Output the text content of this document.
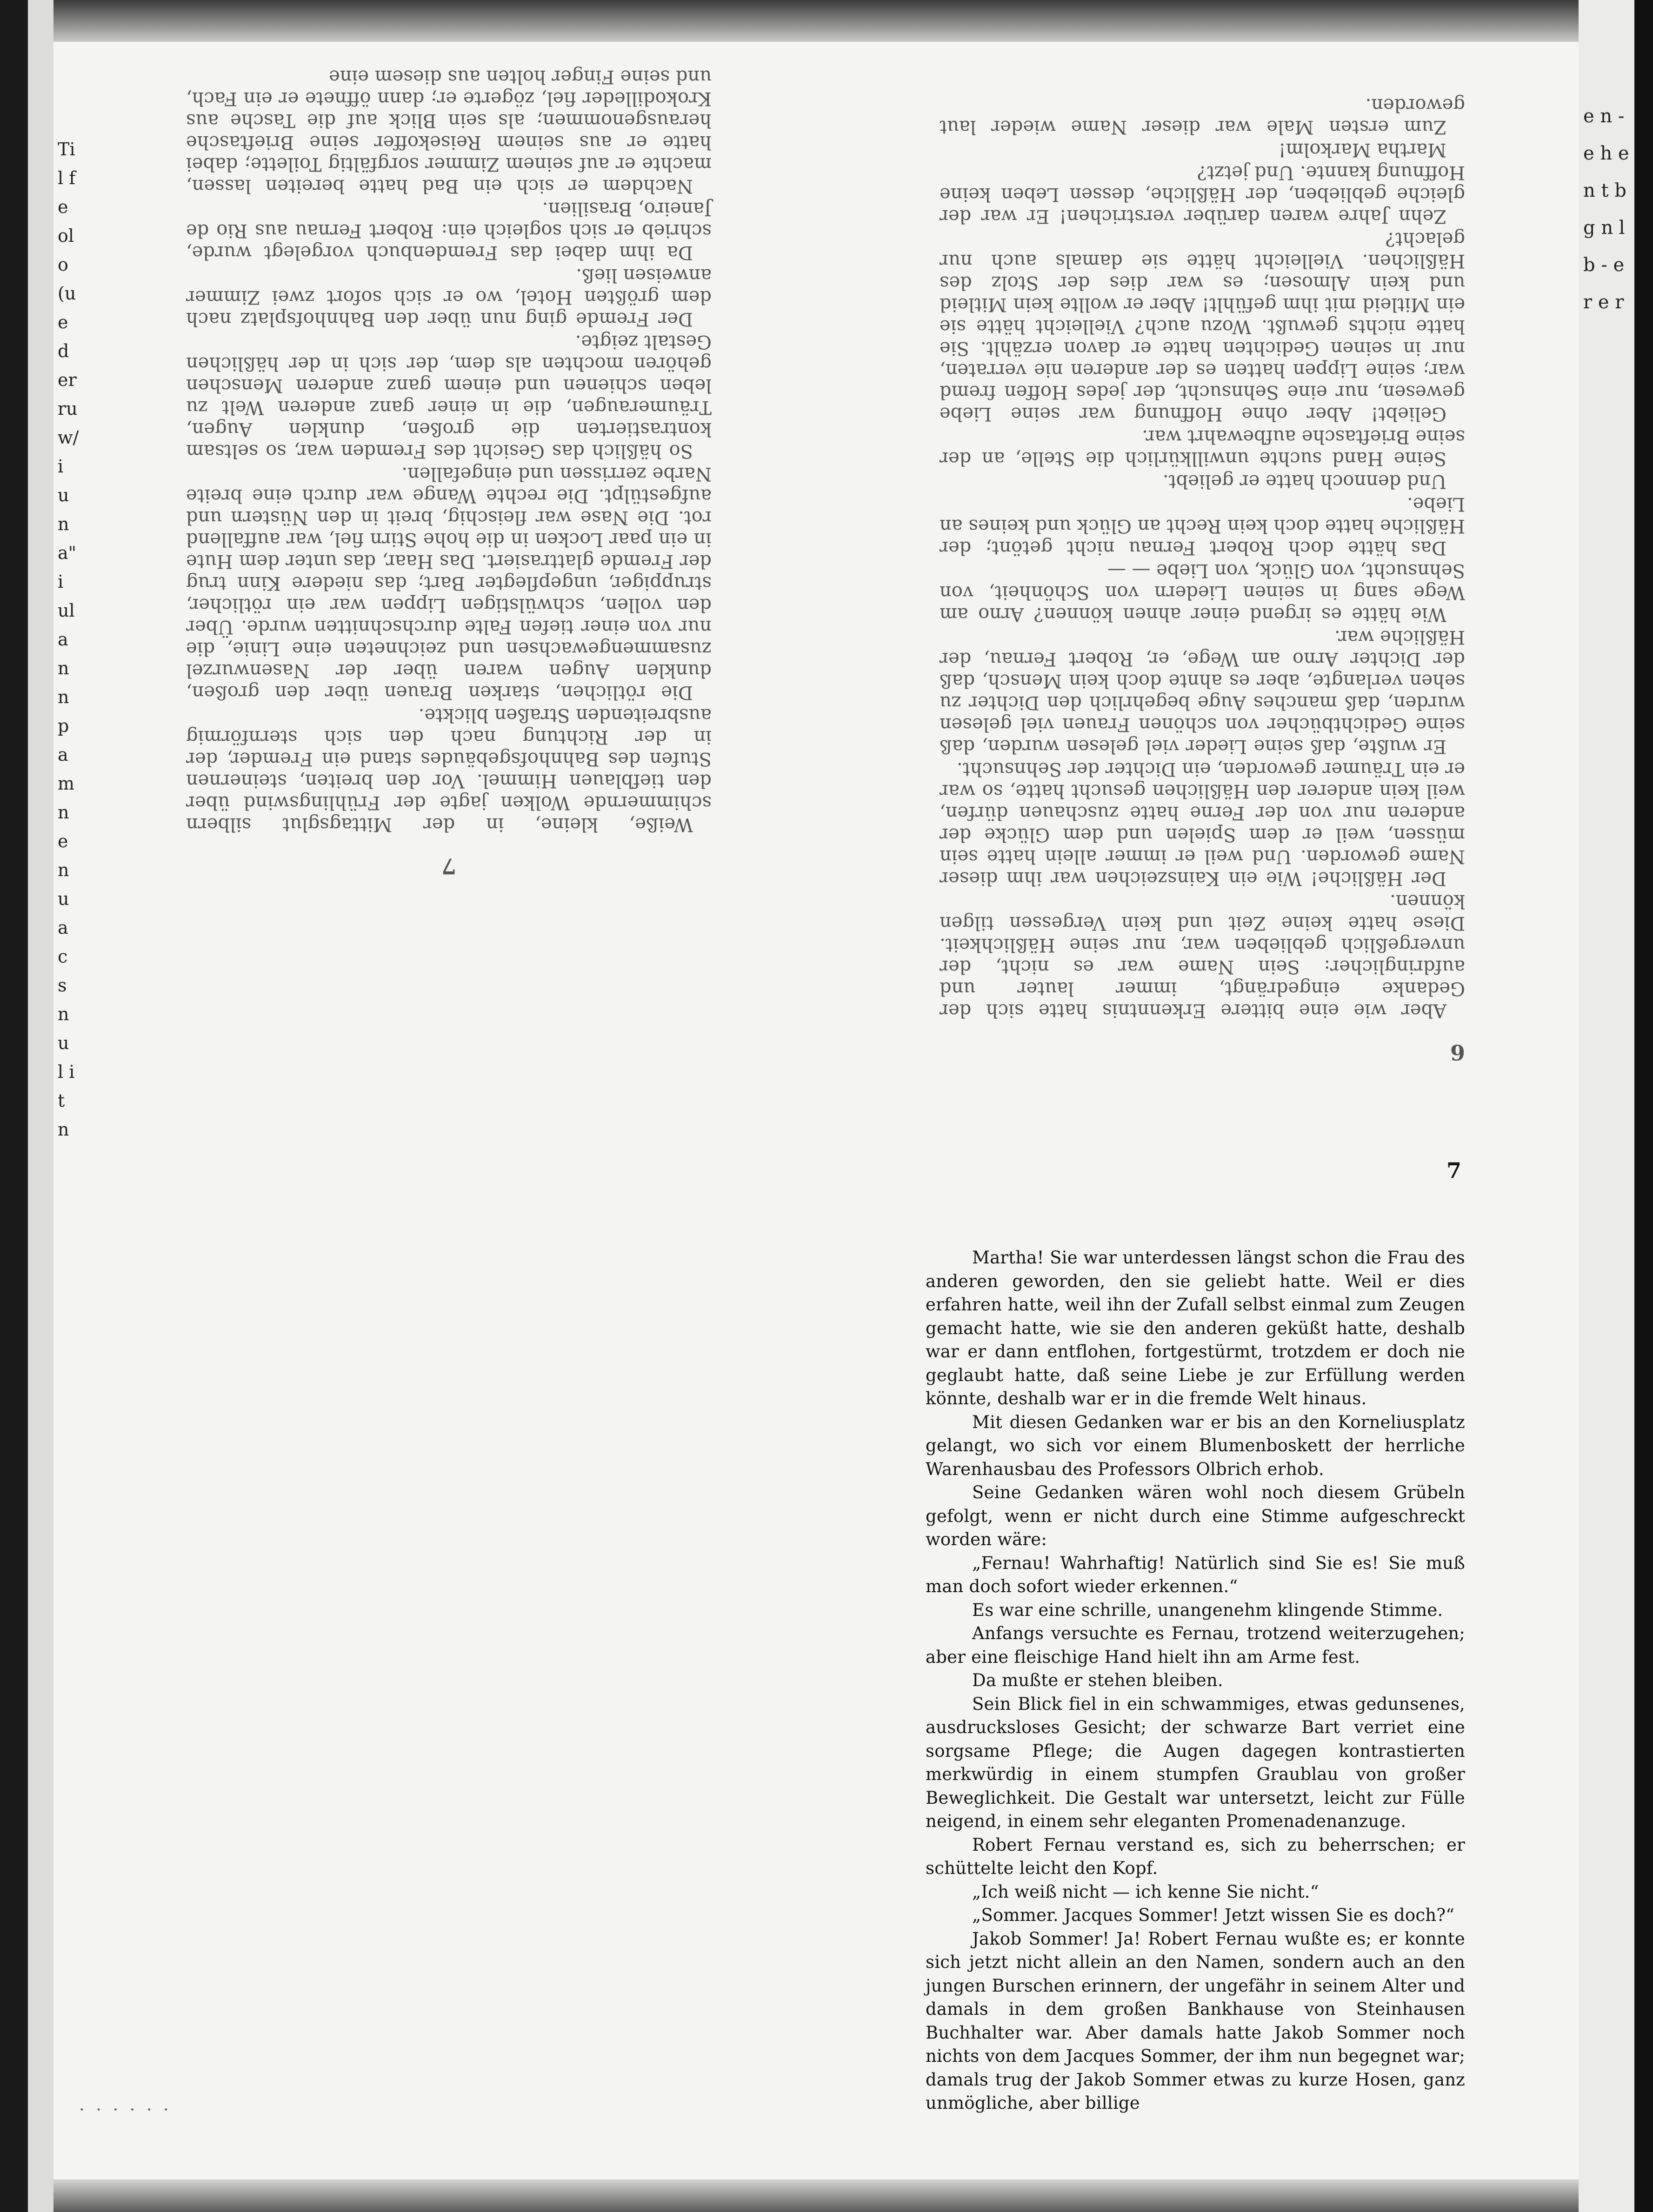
Til f e olo (ue der ru w/i un a" i ul an n p a m n e n u a c s n u l i t n
e n - e h e n t b g n l b - e r e r
6

Aber wie eine bittere Erkenntnis hatte sich der Gedanke eingedrängt, immer lauter und aufdringlicher: Sein Name war es nicht, der unvergeßlich geblieben war, nur seine Häßlichkeit. Diese hatte keine Zeit und kein Vergessen tilgen können.

Der Häßliche! Wie ein Kainszeichen war ihm dieser Name geworden. Und weil er immer allein hatte sein müssen, weil er dem Spielen und dem Glücke der anderen nur von der Ferne hatte zuschauen dürfen, weil kein anderer den Häßlichen gesucht hatte, so war er ein Träumer geworden, ein Dichter der Sehnsucht.

Er wußte, daß seine Lieder viel gelesen wurden, daß seine Gedichtbücher von schönen Frauen viel gelesen wurden, daß manches Auge begehrlich den Dichter zu sehen verlangte, aber es ahnte doch kein Mensch, daß der Dichter Arno am Wege, er, Robert Fernau, der Häßliche war.

Wie hätte es irgend einer ahnen können? Arno am Wege sang in seinen Liedern von Schönheit, von Sehnsucht, von Glück, von Liebe — —

Das hätte doch Robert Fernau nicht getönt; der Häßliche hatte doch kein Recht an Glück und keines an Liebe.

Und dennoch hatte er geliebt.

Seine Hand suchte unwillkürlich die Stelle, an der seine Brieftasche aufbewahrt war.

Geliebt! Aber ohne Hoffnung war seine Liebe gewesen, nur eine Sehnsucht, der jedes Hoffen fremd war; seine Lippen hatten es der anderen nie verraten, nur in seinen Gedichten hatte er davon erzählt. Sie hatte nichts gewußt. Wozu auch? Vielleicht hätte sie ein Mitleid mit ihm gefühlt! Aber er wollte kein Mitleid und kein Almosen; es war dies der Stolz des Häßlichen. Vielleicht hätte sie damals auch nur gelacht?

Zehn Jahre waren darüber verstrichen! Er war der gleiche geblieben, der Häßliche, dessen Leben keine Hoffnung kannte. Und jetzt?

Martha Markolm!

Zum ersten Male war dieser Name wieder laut geworden.

7

Weiße, kleine, in der Mittagsglut silbern schimmernde Wolken jagte der Frühlingswind über den tiefblauen Himmel. Vor den breiten, steinernen Stufen des Bahnhofsgebäudes stand ein Fremder, der in der Richtung nach den sich sternförmig ausbreitenden Straßen blickte.

Die rötlichen, starken Brauen über den großen, dunklen Augen waren über der Nasenwurzel zusammengewachsen und zeichneten eine Linie, die nur von einer tiefen Falte durchschnitten wurde. Über den vollen, schwülstigen Lippen war ein rötlicher, struppiger, ungepflegter Bart; das niedere Kinn trug der Fremde glattrasiert. Das Haar, das unter dem Hute in ein paar Locken in die hohe Stirn fiel, war auffallend rot. Die Nase war fleischig, breit in den Nüstern und aufgestülpt. Die rechte Wange war durch eine breite Narbe zerrissen und eingefallen.

So häßlich das Gesicht des Fremden war, so seltsam kontrastierten die großen, dunklen Augen, Träumeraugen, die in einer ganz anderen Welt zu leben schienen und einem ganz anderen Menschen gehören mochten als dem, der sich in der häßlichen Gestalt zeigte.

Der Fremde ging nun über den Bahnhofsplatz nach dem größten Hotel, wo er sich sofort zwei Zimmer anweisen ließ.

Da ihm dabei das Fremdenbuch vorgelegt wurde, schrieb er sich sogleich ein: Robert Fernau aus Rio de Janeiro, Brasilien.

Nachdem er sich ein Bad hatte bereiten lassen, machte er auf seinem Zimmer sorgfältig Toilette; dabei hatte er aus seinem Reisekoffer seine Brieftasche herausgenommen; als sein Blick auf die Tasche aus Krokodilleder fiel, zögerte er; dann öffnete er ein Fach, und seine Finger holten aus diesem eine

7

Martha! Sie war unterdessen längst schon die Frau des anderen geworden, den sie geliebt hatte. Weil er dies erfahren hatte, weil ihn der Zufall selbst einmal zum Zeugen gemacht hatte, wie sie den anderen geküßt hatte, deshalb war er dann entflohen, fortgestürmt, trotzdem er doch nie geglaubt hatte, daß seine Liebe je zur Erfüllung werden könnte, deshalb war er in die fremde Welt hinaus.

Mit diesen Gedanken war er bis an den Korneliusplatz gelangt, wo sich vor einem Blumenboskett der herrliche Warenhausbau des Professors Olbrich erhob.

Seine Gedanken wären wohl noch diesem Grübeln gefolgt, wenn er nicht durch eine Stimme aufgeschreckt worden wäre:

„Fernau! Wahrhaftig! Natürlich sind Sie es! Sie muß man doch sofort wieder erkennen.“

Es war eine schrille, unangenehm klingende Stimme.

Anfangs versuchte es Fernau, trotzend weiterzugehen; aber eine fleischige Hand hielt ihn am Arme fest.

Da mußte er stehen bleiben.

Sein Blick fiel in ein schwammiges, etwas gedunsenes, ausdrucksloses Gesicht; der schwarze Bart verriet eine sorgsame Pflege; die Augen dagegen kontrastierten merkwürdig in einem stumpfen Graublau von großer Beweglichkeit. Die Gestalt war untersetzt, leicht zur Fülle neigend, in einem sehr eleganten Promenadenanzuge.

Robert Fernau verstand es, sich zu beherrschen; er schüttelte leicht den Kopf.

„Ich weiß nicht — ich kenne Sie nicht.“

„Sommer. Jacques Sommer! Jetzt wissen Sie es doch?“

Jakob Sommer! Ja! Robert Fernau wußte es; er konnte sich jetzt nicht allein an den Namen, sondern auch an den jungen Burschen erinnern, der ungefähr in seinem Alter und damals in dem großen Bankhause von Steinhausen Buchhalter war. Aber damals hatte Jakob Sommer noch nichts von dem Jacques Sommer, der ihm nun begegnet war; damals trug der Jakob Sommer etwas zu kurze Hosen, ganz unmögliche, aber billige

· · · · · ·
